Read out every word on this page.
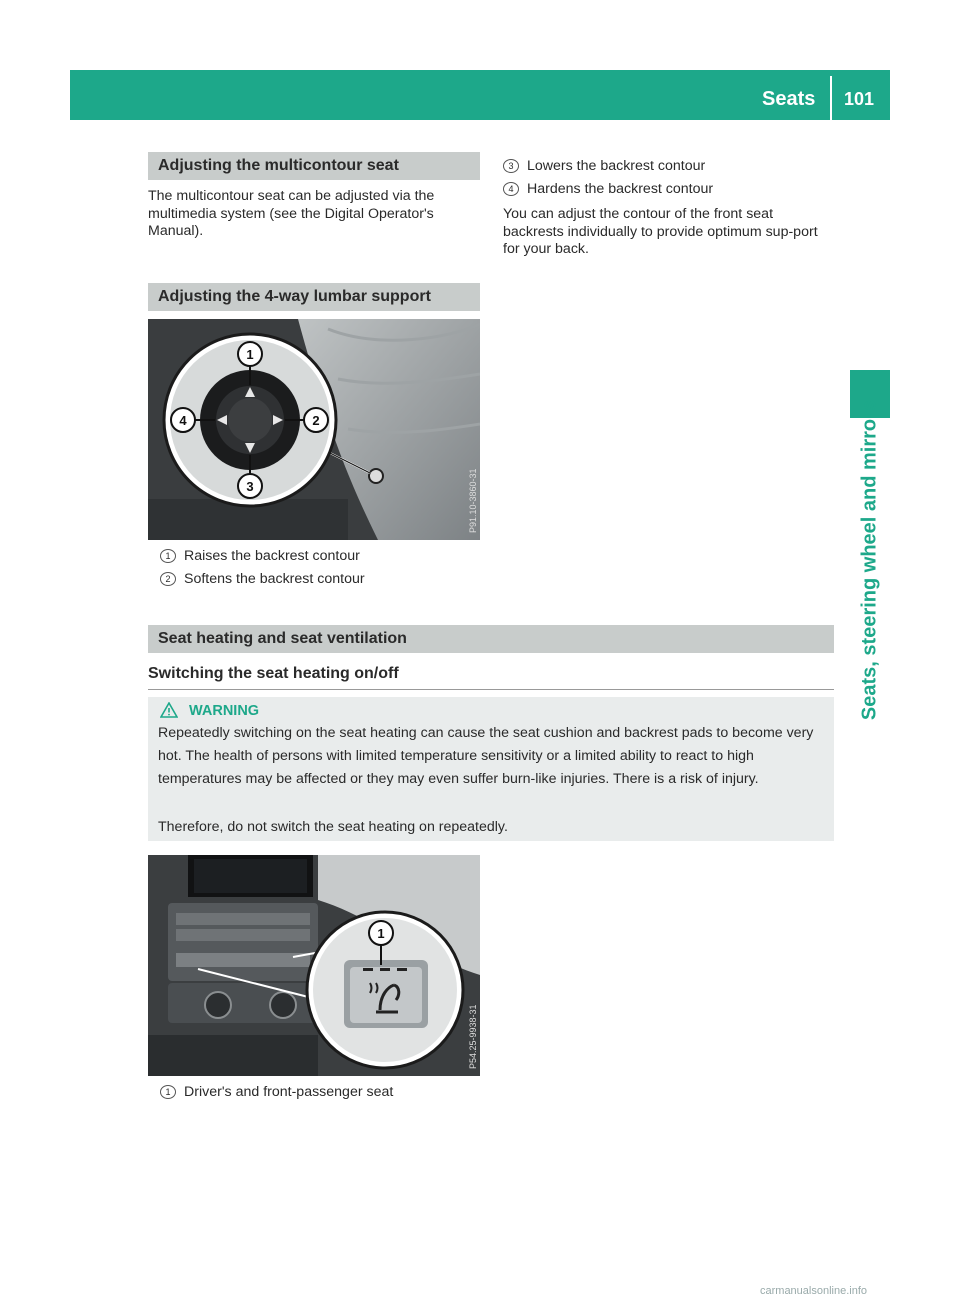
Seats 101
Seats, steering wheel and mirrors
Adjusting the multicontour seat
The multicontour seat can be adjusted via the multimedia system (see the Digital Operator's Manual).
Adjusting the 4-way lumbar support
1
2
3
4
P91.10-3860-31
1 Raises the backrest contour
2 Softens the backrest contour
3 Lowers the backrest contour
4 Hardens the backrest contour
You can adjust the contour of the front seat backrests individually to provide optimum sup-port for your back.
Seat heating and seat ventilation
Switching the seat heating on/off
WARNING
Repeatedly switching on the seat heating can cause the seat cushion and backrest pads to become very hot. The health of persons with limited temperature sensitivity or a limited ability to react to high temperatures may be affected or they may even suffer burn-like injuries. There is a risk of injury.
Therefore, do not switch the seat heating on repeatedly.
1
P54.25-9938-31
1 Driver's and front-passenger seat
carmanualsonline.info
